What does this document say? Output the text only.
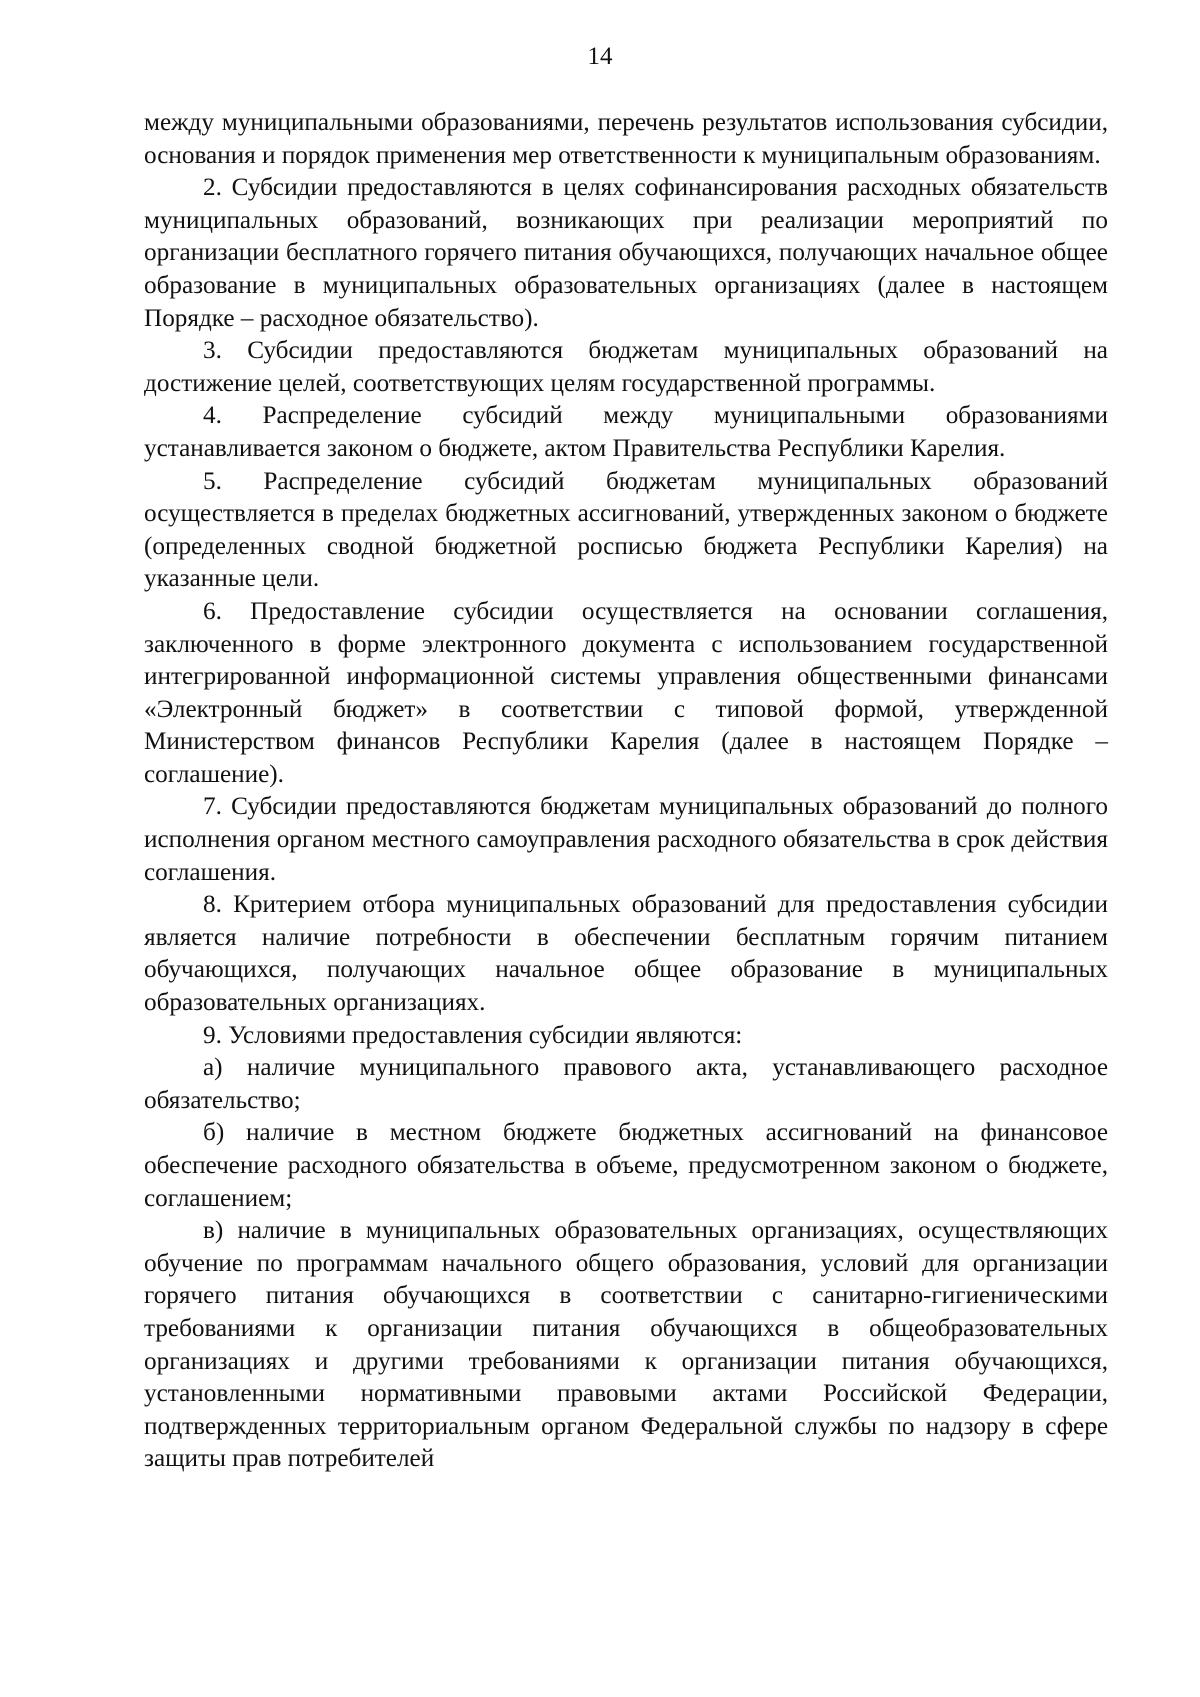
14

между муниципальными образованиями, перечень результатов использования субсидии, основания и порядок применения мер ответственности к муниципальным образованиям.

2. Субсидии предоставляются в целях софинансирования расходных обязательств муниципальных образований, возникающих при реализации мероприятий по организации бесплатного горячего питания обучающихся, получающих начальное общее образование в муниципальных образовательных организациях (далее в настоящем Порядке – расходное обязательство).

3. Субсидии предоставляются бюджетам муниципальных образований на достижение целей, соответствующих целям государственной программы.

4. Распределение субсидий между муниципальными образованиями устанавливается законом о бюджете, актом Правительства Республики Карелия.

5. Распределение субсидий бюджетам муниципальных образований осуществляется в пределах бюджетных ассигнований, утвержденных законом о бюджете (определенных сводной бюджетной росписью бюджета Республики Карелия) на указанные цели.

6. Предоставление субсидии осуществляется на основании соглашения, заключенного в форме электронного документа с использованием государственной интегрированной информационной системы управления общественными финансами «Электронный бюджет» в соответствии с типовой формой, утвержденной Министерством финансов Республики Карелия (далее в настоящем Порядке – соглашение).

7. Субсидии предоставляются бюджетам муниципальных образований до полного исполнения органом местного самоуправления расходного обязательства в срок действия соглашения.

8. Критерием отбора муниципальных образований для предоставления субсидии является наличие потребности в обеспечении бесплатным горячим питанием обучающихся, получающих начальное общее образование в муниципальных образовательных организациях.

9. Условиями предоставления субсидии являются:

а) наличие муниципального правового акта, устанавливающего расходное обязательство;

б) наличие в местном бюджете бюджетных ассигнований на финансовое обеспечение расходного обязательства в объеме, предусмотренном законом о бюджете, соглашением;

в) наличие в муниципальных образовательных организациях, осуществляющих обучение по программам начального общего образования, условий для организации горячего питания обучающихся в соответствии с санитарно-гигиеническими требованиями к организации питания обучающихся в общеобразовательных организациях и другими требованиями к организации питания обучающихся, установленными нормативными правовыми актами Российской Федерации, подтвержденных территориальным органом Федеральной службы по надзору в сфере защиты прав потребителей
